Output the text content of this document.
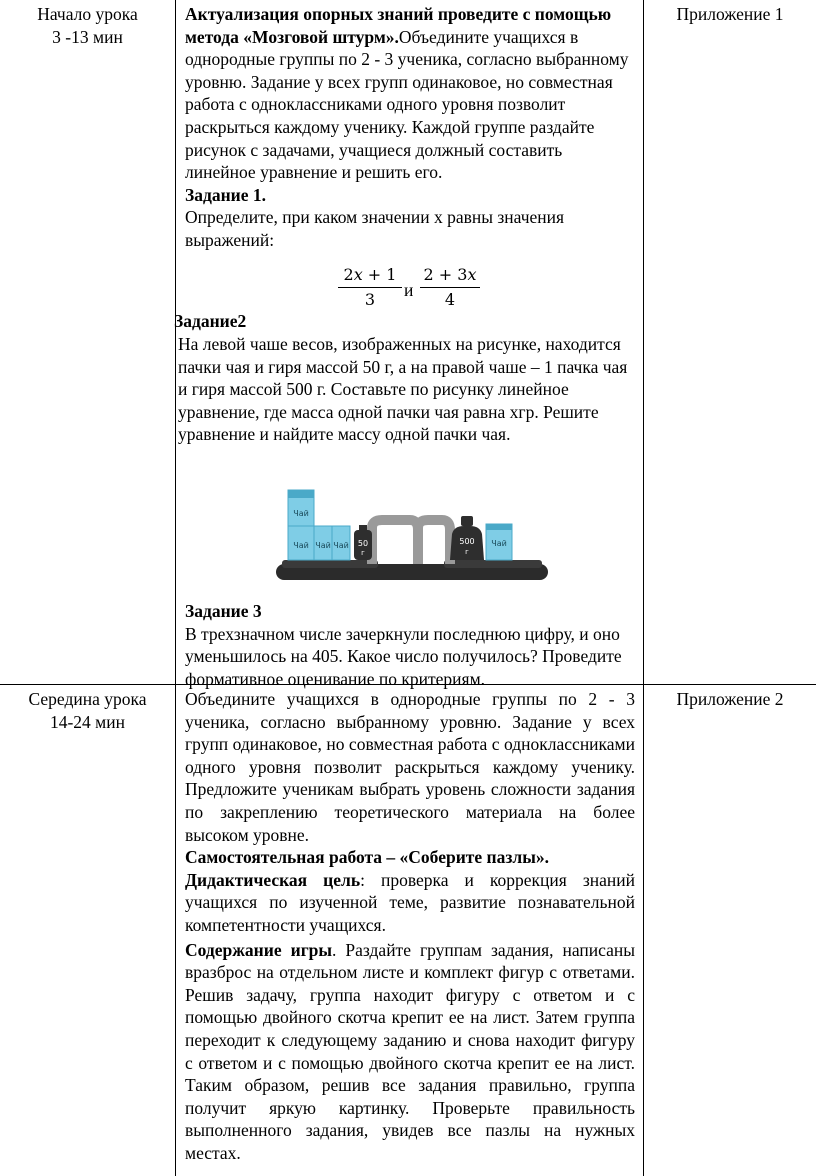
Начало урока
3 -13 мин

Актуализация опорных знаний проведите с помощью метода «Мозговой штурм».Объедините учащихся в однородные группы по 2 - 3 ученика, согласно выбранному уровню. Задание у всех групп одинаковое, но совместная работа с одноклассниками одного уровня позволит раскрыться каждому ученику. Каждой группе раздайте рисунок с задачами, учащиеся должный составить линейное уравнение и решить его.

Задание 1.

Определите, при каком значении х равны значения выражений:

2𝑥 + 1
3	и
2 + 3𝑥
4
Задание2

На левой чаше весов, изображенных на рисунке, находится пачки чая и гиря массой 50 г, а на правой чаше – 1 пачка чая и гиря массой 500 г. Составьте по рисунку линейное уравнение, где масса одной пачки чая равна хгр. Решите уравнение и найдите массу одной пачки чая.

Чай
Чай Чай Чай 50
г
500
г
Чай

Задание 3

В трехзначном числе зачеркнули последнюю цифру, и оно уменьшилось на 405. Какое число получилось? Проведите формативное оценивание по критериям.

Приложение 1
Середина урока
14-24 мин

Объедините учащихся в однородные группы по 2 - 3 ученика, согласно выбранному уровню. Задание у всех групп одинаковое, но совместная работа с одноклассниками одного уровня позволит раскрыться каждому ученику. Предложите ученикам выбрать уровень сложности задания по закреплению теоретического материала на более высоком уровне.

Самостоятельная работа – «Соберите пазлы».

Дидактическая цель: проверка и коррекция знаний учащихся по изученной теме, развитие познавательной компетентности учащихся.

Содержание игры. Раздайте группам задания, написаны вразброс на отдельном листе и комплект фигур с ответами. Решив задачу, группа находит фигуру с ответом и с помощью двойного скотча крепит ее на лист. Затем группа переходит к следующему заданию и снова находит фигуру с ответом и с помощью двойного скотча крепит ее на лист. Таким образом, решив все задания правильно, группа получит яркую картинку. Проверьте правильность выполненного задания, увидев все пазлы на нужных местах.

Приложение 2
